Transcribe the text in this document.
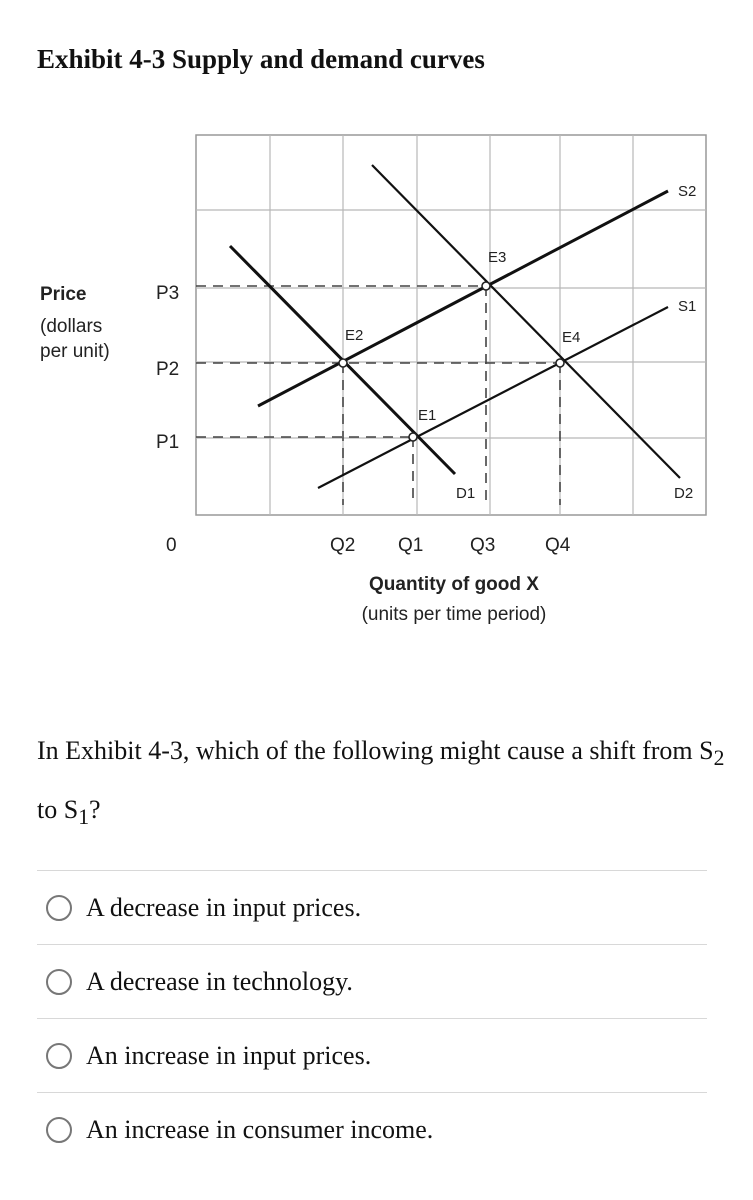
Exhibit 4-3 Supply and demand curves
Price
(dollars
per unit)
P3
P2
P1
0	Q2 Q1 Q3	Q4
Quantity of good X
(units per time period)
S2
S1
D2
D1
E2
E1
E3
E4
In Exhibit 4-3, which of the following might cause a shift from $S_2$ to $S_1$?
A decrease in input prices.
A decrease in technology.
An increase in input prices.
An increase in consumer income.
